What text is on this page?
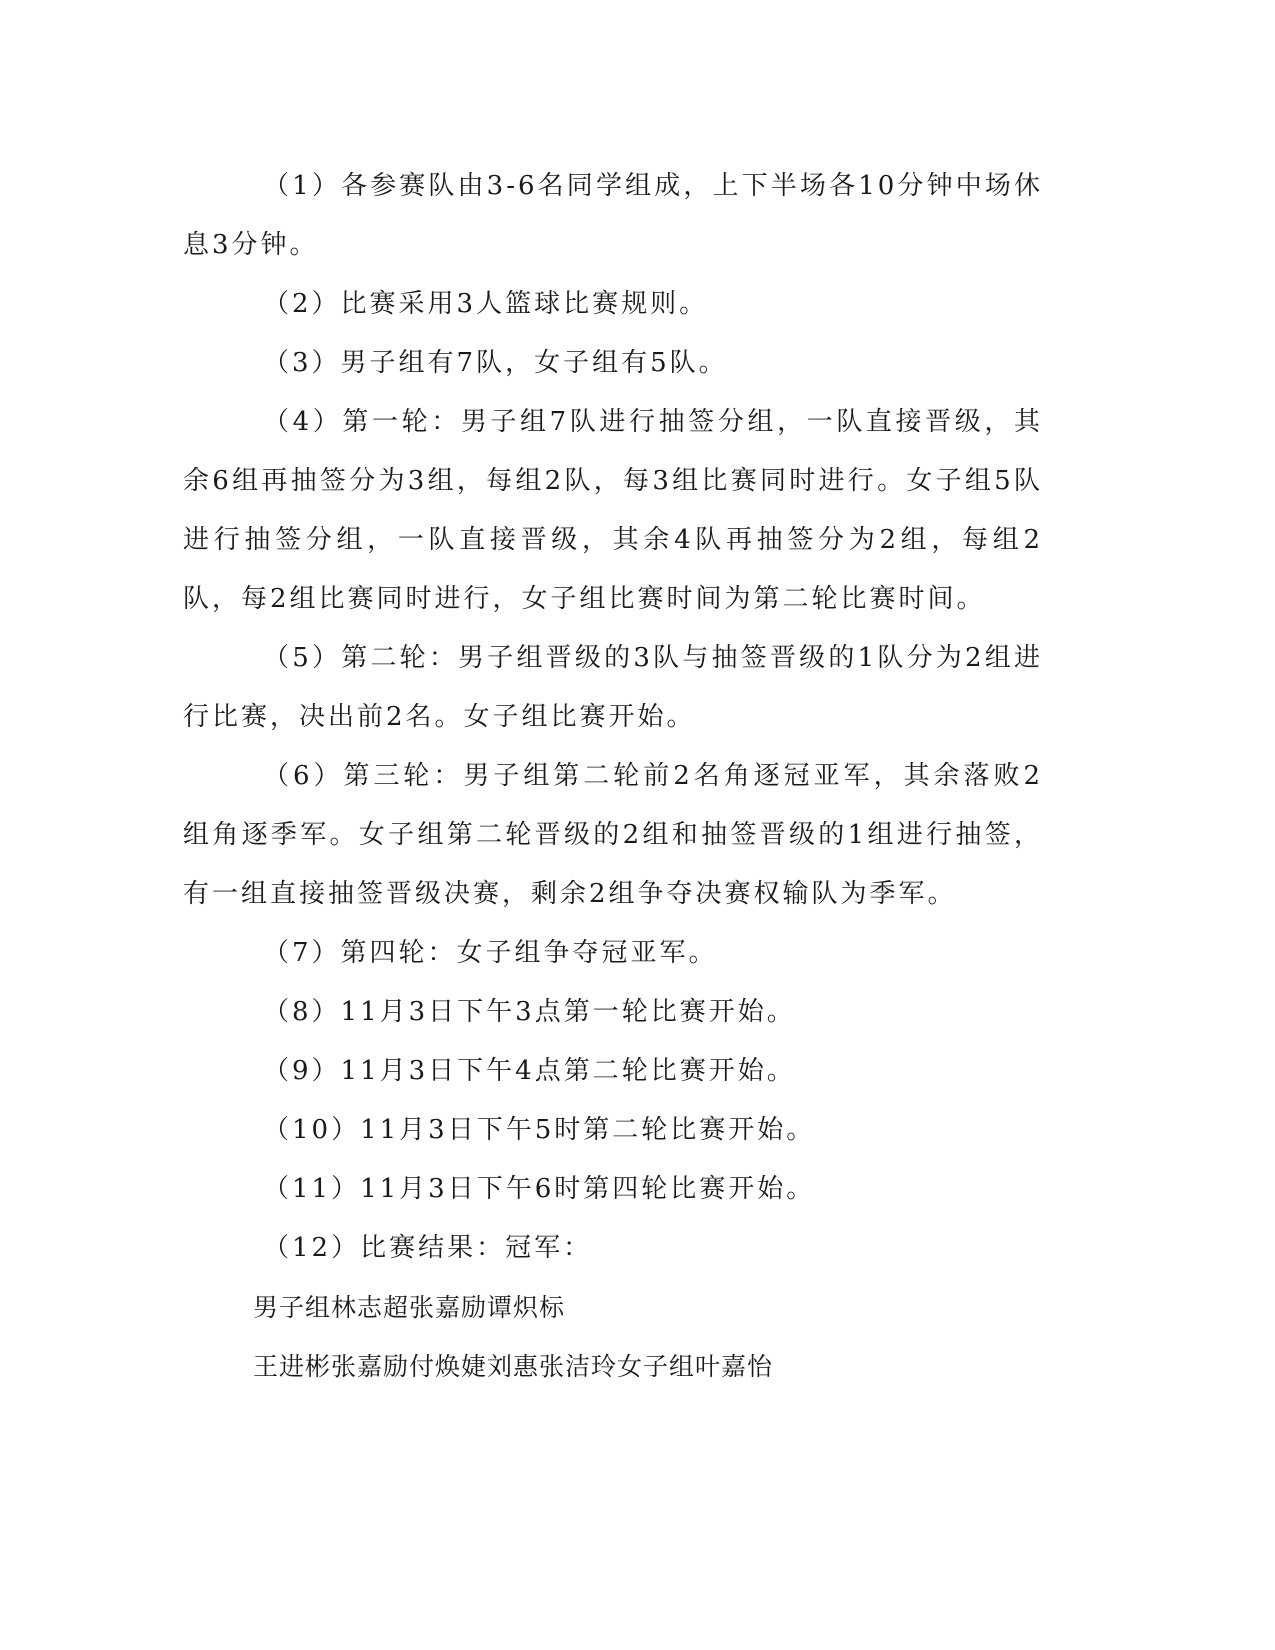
（1）各参赛队由3-6名同学组成，上下半场各10分钟中场休息3分钟。

（2）比赛采用3人篮球比赛规则。

（3）男子组有7队，女子组有5队。

（4）第一轮：男子组7队进行抽签分组，一队直接晋级，其余6组再抽签分为3组，每组2队，每3组比赛同时进行。女子组5队进行抽签分组，一队直接晋级，其余4队再抽签分为2组，每组2队，每2组比赛同时进行，女子组比赛时间为第二轮比赛时间。

（5）第二轮：男子组晋级的3队与抽签晋级的1队分为2组进行比赛，决出前2名。女子组比赛开始。

（6）第三轮：男子组第二轮前2名角逐冠亚军，其余落败2组角逐季军。女子组第二轮晋级的2组和抽签晋级的1组进行抽签，有一组直接抽签晋级决赛，剩余2组争夺决赛权输队为季军。

（7）第四轮：女子组争夺冠亚军。

（8）11月3日下午3点第一轮比赛开始。

（9）11月3日下午4点第二轮比赛开始。

（10）11月3日下午5时第二轮比赛开始。

（11）11月3日下午6时第四轮比赛开始。

（12）比赛结果：冠军：

男子组林志超张嘉励谭炽标

王进彬张嘉励付焕婕刘惠张洁玲女子组叶嘉怡
